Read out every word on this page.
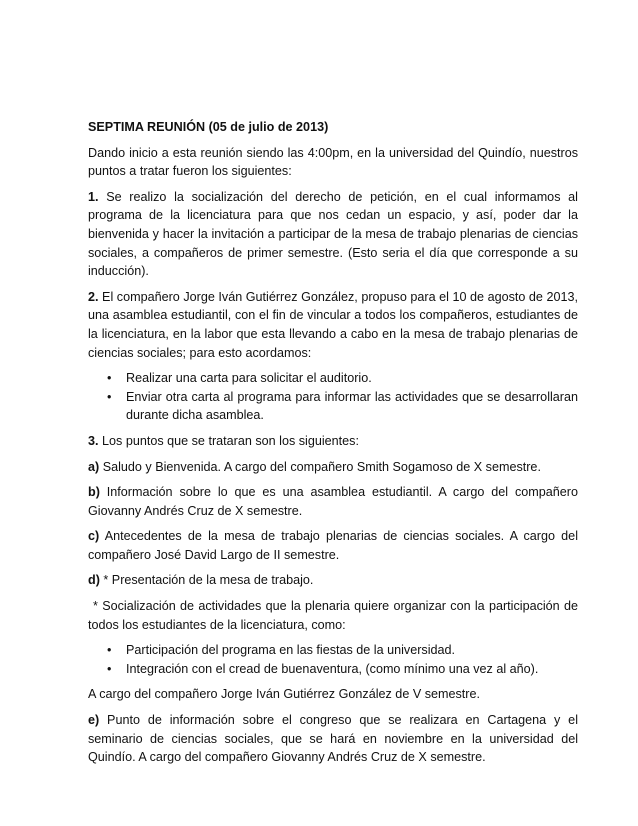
SEPTIMA REUNIÓN (05 de julio de 2013)

Dando inicio a esta reunión siendo las 4:00pm, en la universidad del Quindío, nuestros puntos a tratar fueron los siguientes:

1. Se realizo la socialización del derecho de petición, en el cual informamos al programa de la licenciatura para que nos cedan un espacio, y así, poder dar la bienvenida y hacer la invitación a participar de la mesa de trabajo plenarias de ciencias sociales, a compañeros de primer semestre. (Esto seria el día que corresponde a su inducción).

2. El compañero Jorge Iván Gutiérrez González, propuso para el 10 de agosto de 2013, una asamblea estudiantil, con el fin de vincular a todos los compañeros, estudiantes de la licenciatura, en la labor que esta llevando a cabo en la mesa de trabajo plenarias de ciencias sociales; para esto acordamos:

• Realizar una carta para solicitar el auditorio.
• Enviar otra carta al programa para informar las actividades que se desarrollaran durante dicha asamblea.

3. Los puntos que se trataran son los siguientes:

a) Saludo y Bienvenida. A cargo del compañero Smith Sogamoso de X semestre.

b) Información sobre lo que es una asamblea estudiantil. A cargo del compañero Giovanny Andrés Cruz de X semestre.

c) Antecedentes de la mesa de trabajo plenarias de ciencias sociales. A cargo del compañero José David Largo de II semestre.

d) * Presentación de la mesa de trabajo.

* Socialización de actividades que la plenaria quiere organizar con la participación de todos los estudiantes de la licenciatura, como:

• Participación del programa en las fiestas de la universidad.
• Integración con el cread de buenaventura, (como mínimo una vez al año).

A cargo del compañero Jorge Iván Gutiérrez González de V semestre.

e) Punto de información sobre el congreso que se realizara en Cartagena y el seminario de ciencias sociales, que se hará en noviembre en la universidad del Quindío. A cargo del compañero Giovanny Andrés Cruz de X semestre.
